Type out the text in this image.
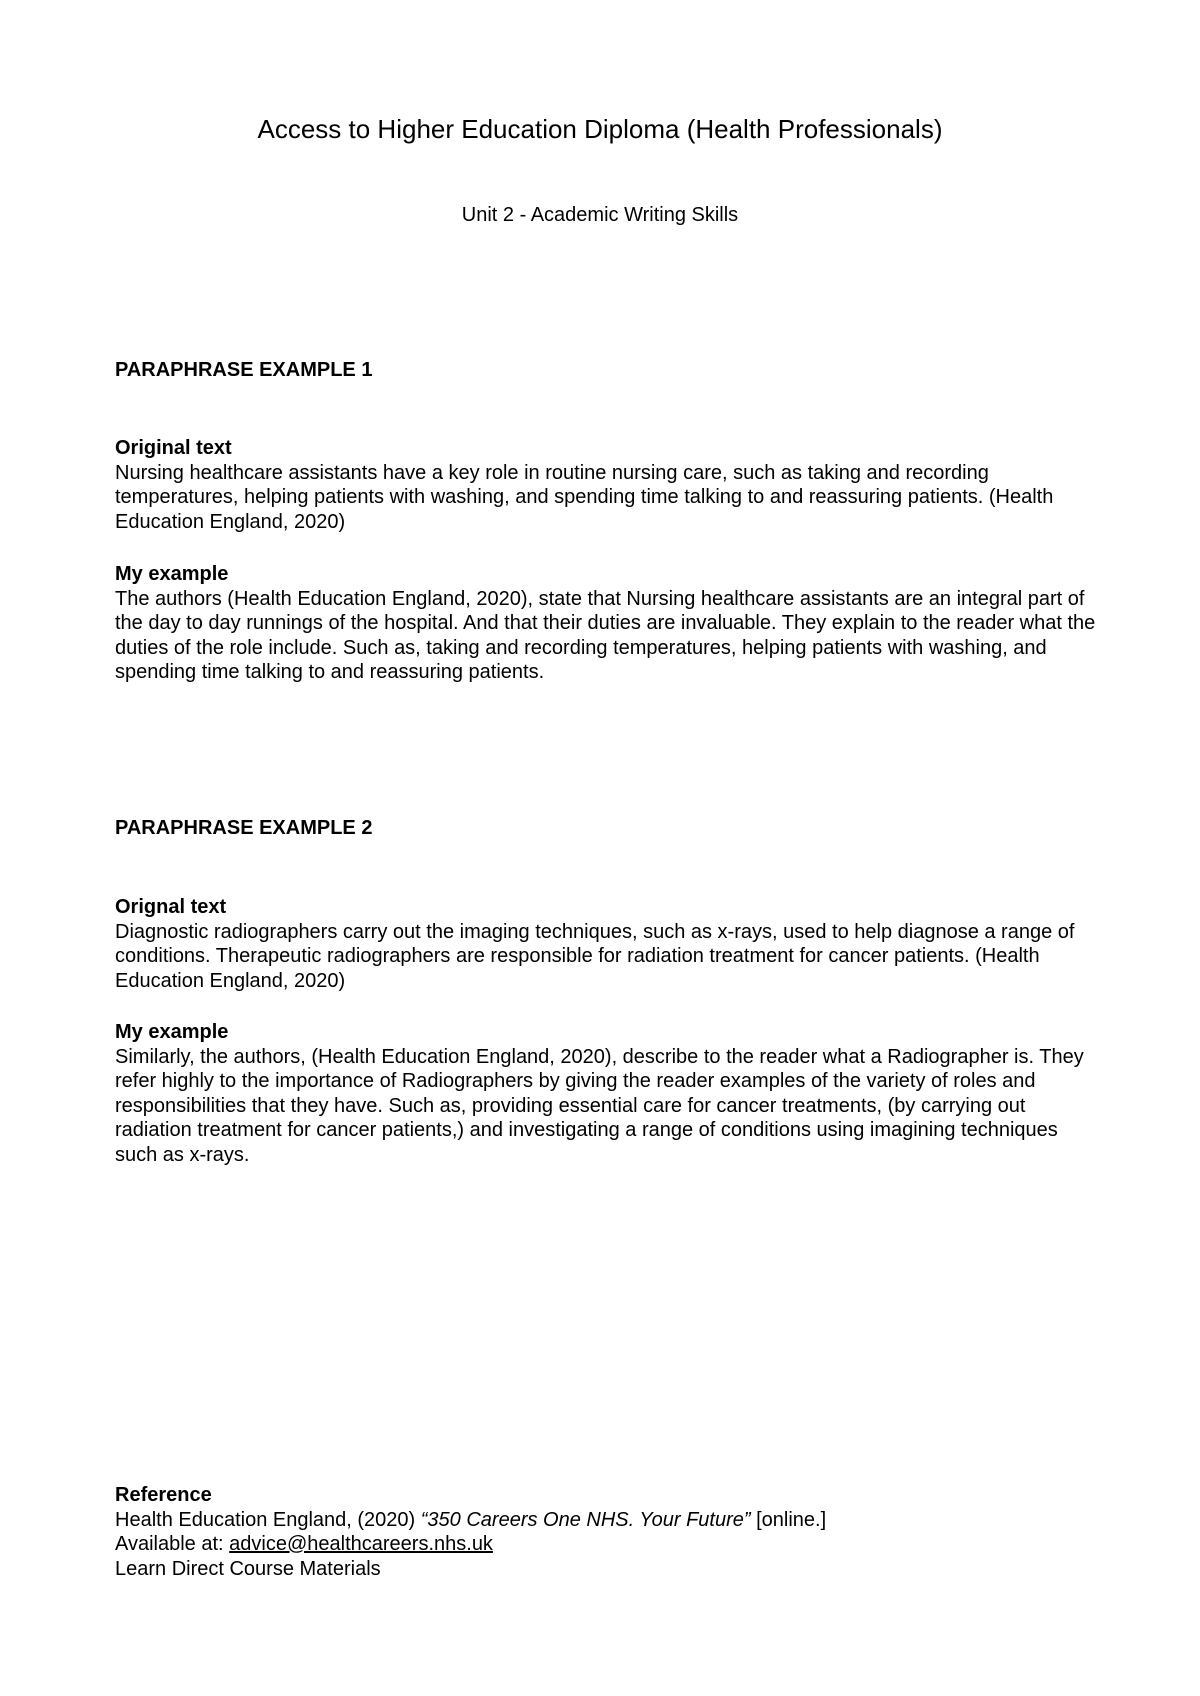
Access to Higher Education Diploma (Health Professionals)
Unit 2 - Academic Writing Skills
PARAPHRASE EXAMPLE 1
Original text
Nursing healthcare assistants have a key role in routine nursing care, such as taking and recording temperatures, helping patients with washing, and spending time talking to and reassuring patients. (Health Education England, 2020)
My example
The authors (Health Education England, 2020), state that Nursing healthcare assistants are an integral part of the day to day runnings of the hospital. And that their duties are invaluable. They explain to the reader what the duties of the role include. Such as, taking and recording temperatures, helping patients with washing, and spending time talking to and reassuring patients.
PARAPHRASE EXAMPLE 2
Orignal text
Diagnostic radiographers carry out the imaging techniques, such as x-rays, used to help diagnose a range of conditions. Therapeutic radiographers are responsible for radiation treatment for cancer patients. (Health Education England, 2020)
My example
Similarly, the authors, (Health Education England, 2020), describe to the reader what a Radiographer is. They refer highly to the importance of Radiographers by giving the reader examples of the variety of roles and responsibilities that they have. Such as, providing essential care for cancer treatments, (by carrying out radiation treatment for cancer patients,) and investigating a range of conditions using imagining techniques such as x-rays.
Reference
Health Education England, (2020) “350 Careers One NHS. Your Future” [online.]
Available at: advice@healthcareers.nhs.uk
Learn Direct Course Materials
